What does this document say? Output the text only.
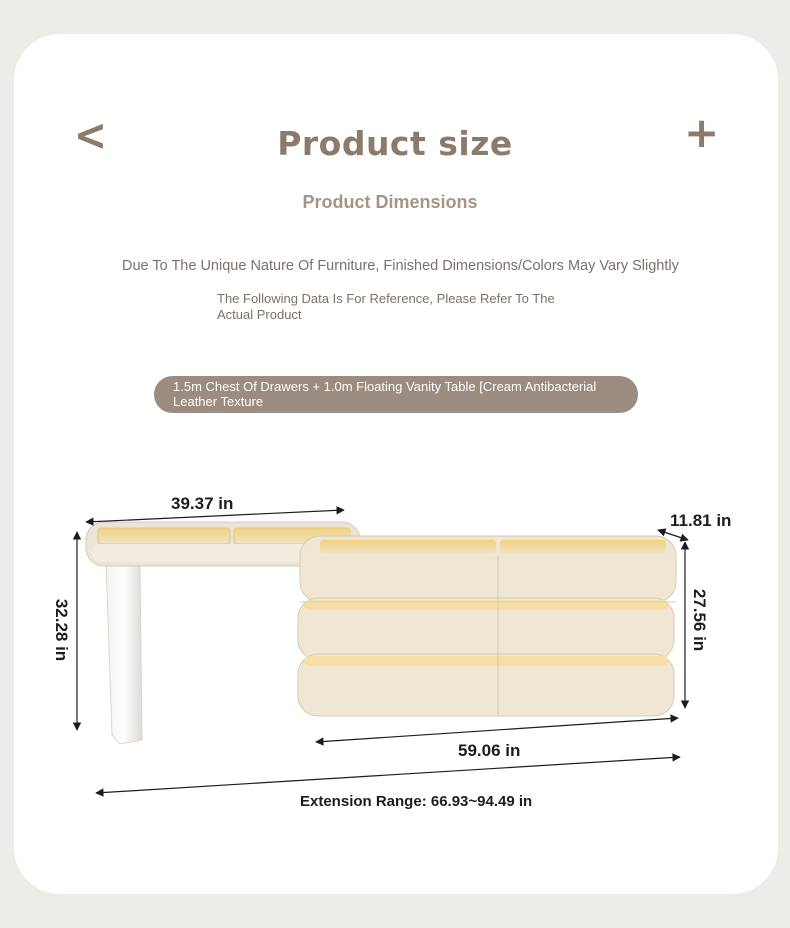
<	+
Product size
Product Dimensions
Due To The Unique Nature Of Furniture, Finished Dimensions/Colors May Vary Slightly
The Following Data Is For Reference, Please Refer To The Actual Product
1.5m Chest Of Drawers + 1.0m Floating Vanity Table [Cream Antibacterial Leather Texture
39.37 in
32.28 in
11.81 in
27.56 in
59.06 in
Extension Range: 66.93~94.49 in
